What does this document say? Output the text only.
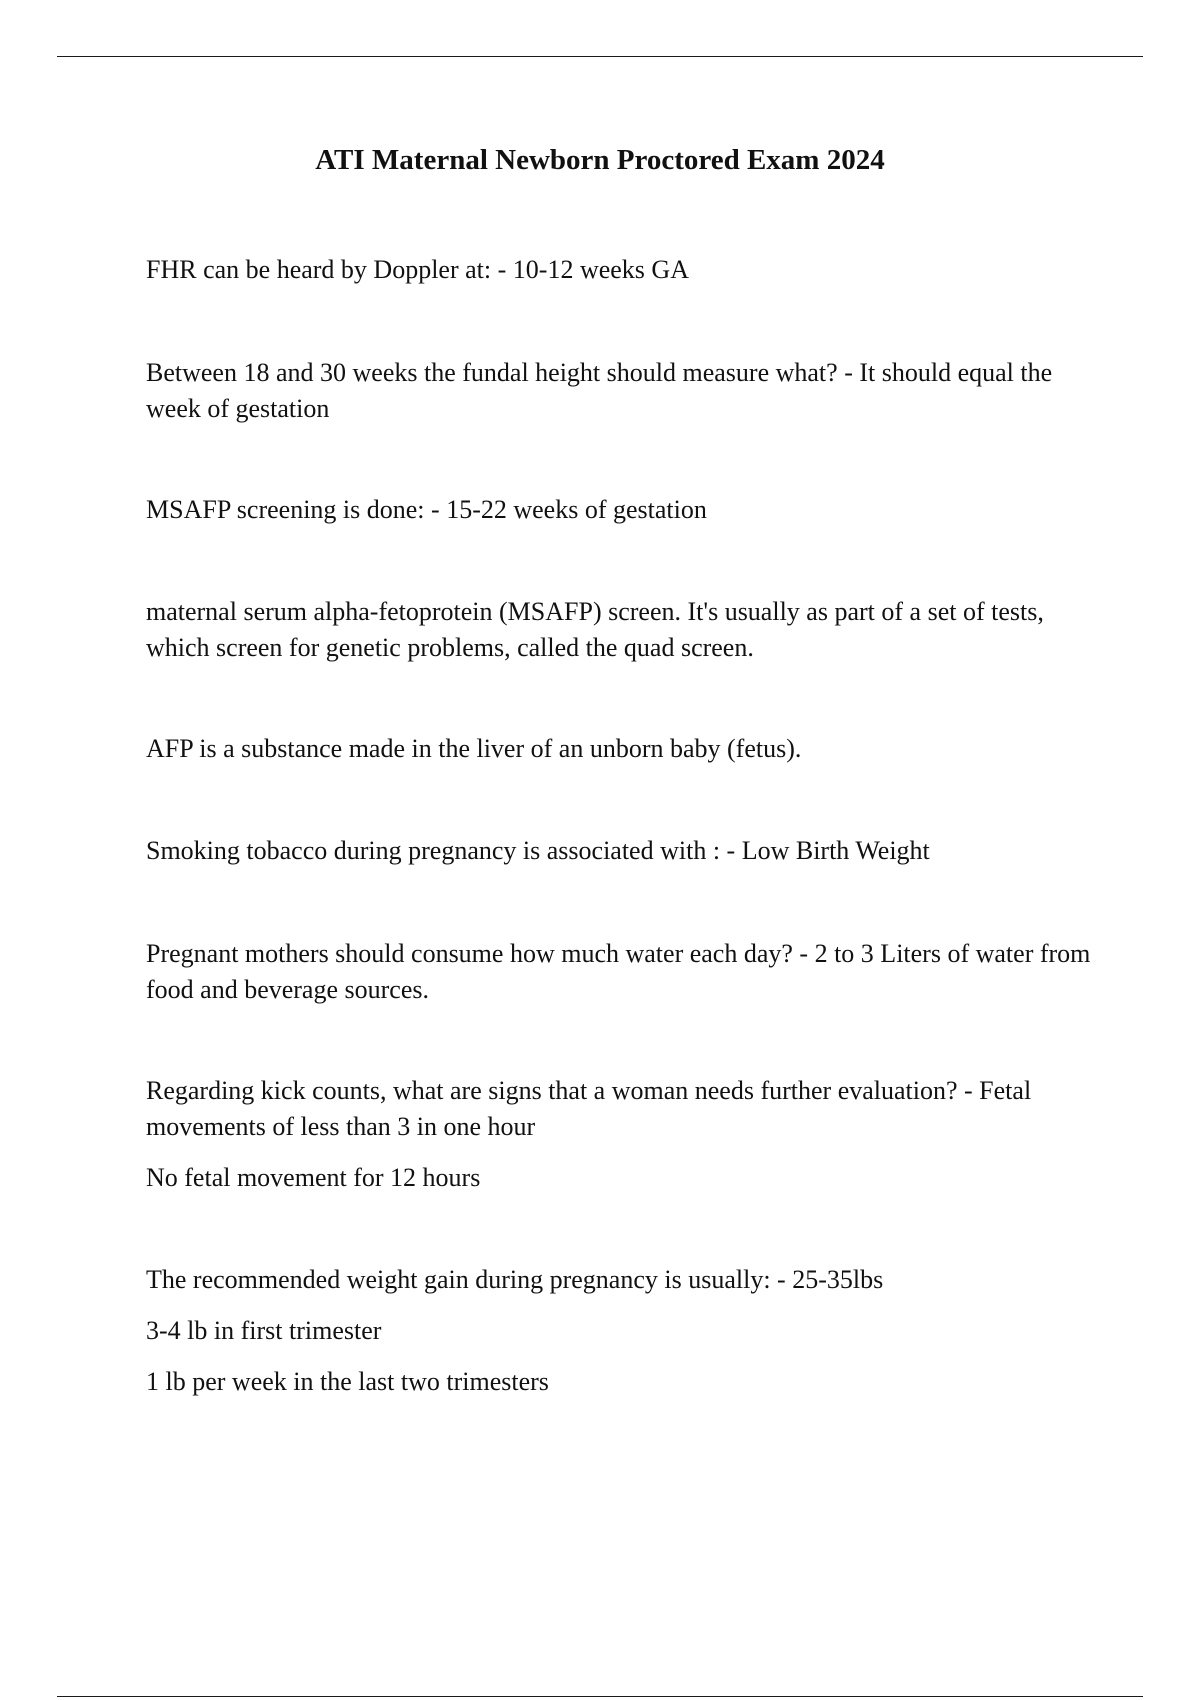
ATI Maternal Newborn Proctored Exam 2024

FHR can be heard by Doppler at: - 10-12 weeks GA

Between 18 and 30 weeks the fundal height should measure what? - It should equal the week of gestation

MSAFP screening is done: - 15-22 weeks of gestation

maternal serum alpha-fetoprotein (MSAFP) screen. It's usually as part of a set of tests, which screen for genetic problems, called the quad screen.

AFP is a substance made in the liver of an unborn baby (fetus).

Smoking tobacco during pregnancy is associated with : - Low Birth Weight

Pregnant mothers should consume how much water each day? - 2 to 3 Liters of water from food and beverage sources.

Regarding kick counts, what are signs that a woman needs further evaluation? - Fetal movements of less than 3 in one hour

No fetal movement for 12 hours

The recommended weight gain during pregnancy is usually: - 25-35lbs

3-4 lb in first trimester

1 lb per week in the last two trimesters
